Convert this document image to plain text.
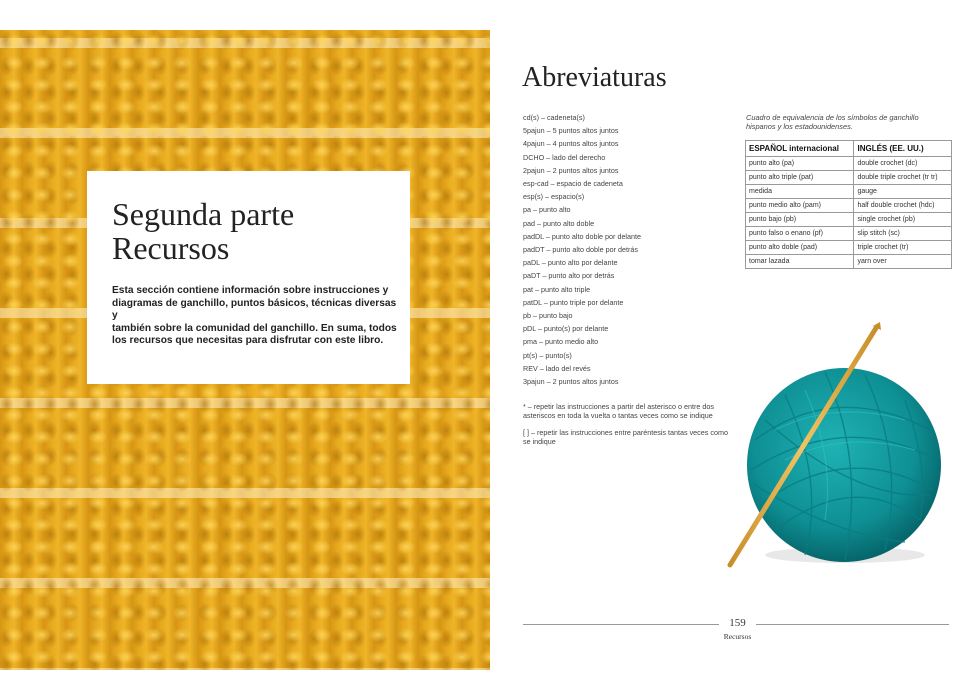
Segunda parte
Recursos

Esta sección contiene información sobre instrucciones y
diagramas de ganchillo, puntos básicos, técnicas diversas y
también sobre la comunidad del ganchillo. En suma, todos
los recursos que necesitas para disfrutar con este libro.

Abreviaturas
cd(s) – cadeneta(s)
5pajun – 5 puntos altos juntos
4pajun – 4 puntos altos juntos
DCHO – lado del derecho
2pajun – 2 puntos altos juntos
esp-cad – espacio de cadeneta
esp(s) – espacio(s)
pa – punto alto
pad – punto alto doble
padDL – punto alto doble por delante
padDT – punto alto doble por detrás
paDL – punto alto por delante
paDT – punto alto por detrás
pat – punto alto triple
patDL – punto triple por delante
pb – punto bajo
pDL – punto(s) por delante
pma – punto medio alto
pt(s) – punto(s)
REV – lado del revés
3pajun – 2 puntos altos juntos

* – repetir las instrucciones a partir del asterisco o entre dos asteriscos en toda la vuelta o tantas veces como se indique

[ ] – repetir las instrucciones entre paréntesis tantas veces como se indique

Cuadro de equivalencia de los símbolos de ganchillo hispanos y los estadounidenses.

ESPAÑOL internacional	INGLÉS (EE. UU.)
punto alto (pa)	double crochet (dc)
punto alto triple (pat)	double triple crochet (tr tr)
medida	gauge
punto medio alto (pam)	half double crochet (hdc)
punto bajo (pb)	single crochet (pb)
punto falso o enano (pf)	slip stitch (sc)
punto alto doble (pad)	triple crochet (tr)
tomar lazada	yarn over
159
Recursos
